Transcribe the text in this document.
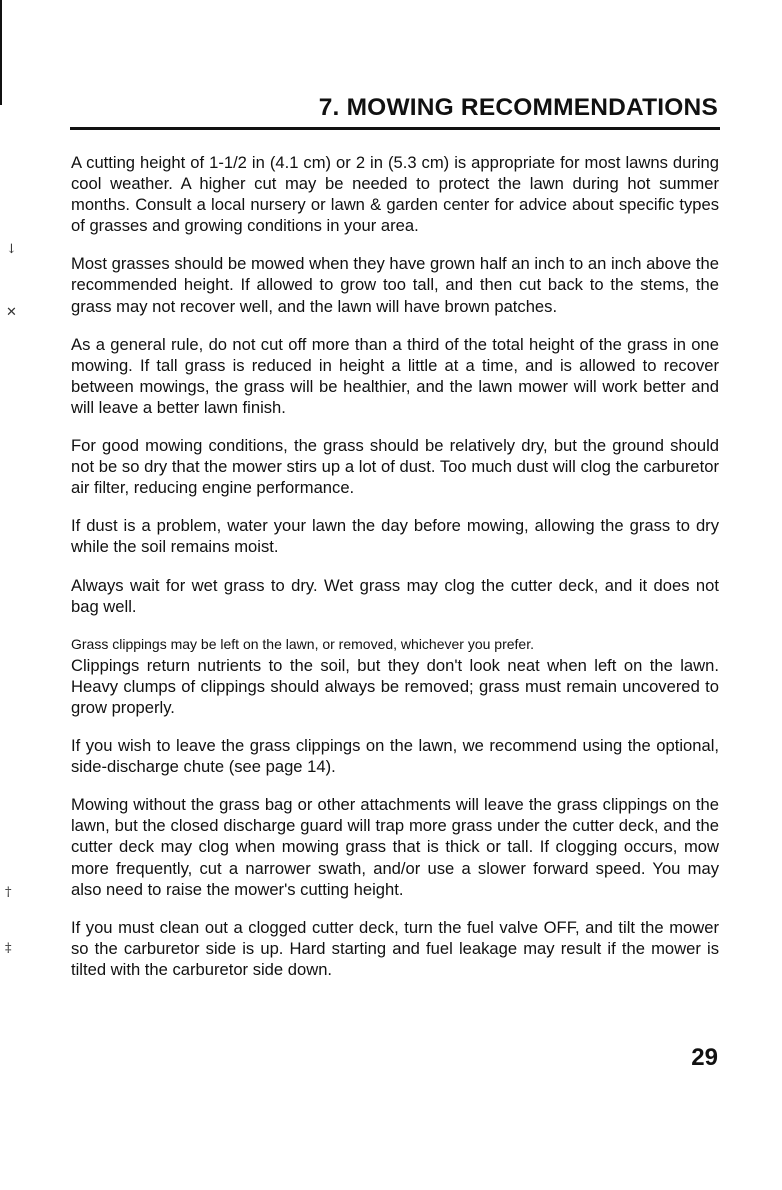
↓
✕
†
‡
7. MOWING RECOMMENDATIONS

A cutting height of 1-1/2 in (4.1 cm) or 2 in (5.3 cm) is appropriate for most lawns during cool weather. A higher cut may be needed to protect the lawn during hot summer months. Consult a local nursery or lawn & garden center for advice about specific types of grasses and growing conditions in your area.

Most grasses should be mowed when they have grown half an inch to an inch above the recommended height. If allowed to grow too tall, and then cut back to the stems, the grass may not recover well, and the lawn will have brown patches.

As a general rule, do not cut off more than a third of the total height of the grass in one mowing. If tall grass is reduced in height a little at a time, and is allowed to recover between mowings, the grass will be healthier, and the lawn mower will work better and will leave a better lawn finish.

For good mowing conditions, the grass should be relatively dry, but the ground should not be so dry that the mower stirs up a lot of dust. Too much dust will clog the carburetor air filter, reducing engine performance.

If dust is a problem, water your lawn the day before mowing, allowing the grass to dry while the soil remains moist.

Always wait for wet grass to dry. Wet grass may clog the cutter deck, and it does not bag well.

Grass clippings may be left on the lawn, or removed, whichever you prefer.

Clippings return nutrients to the soil, but they don't look neat when left on the lawn. Heavy clumps of clippings should always be removed; grass must remain uncovered to grow properly.

If you wish to leave the grass clippings on the lawn, we recommend using the optional, side-discharge chute (see page 14).

Mowing without the grass bag or other attachments will leave the grass clippings on the lawn, but the closed discharge guard will trap more grass under the cutter deck, and the cutter deck may clog when mowing grass that is thick or tall. If clogging occurs, mow more frequently, cut a narrower swath, and/or use a slower forward speed. You may also need to raise the mower's cutting height.

If you must clean out a clogged cutter deck, turn the fuel valve OFF, and tilt the mower so the carburetor side is up. Hard starting and fuel leakage may result if the mower is tilted with the carburetor side down.

29
